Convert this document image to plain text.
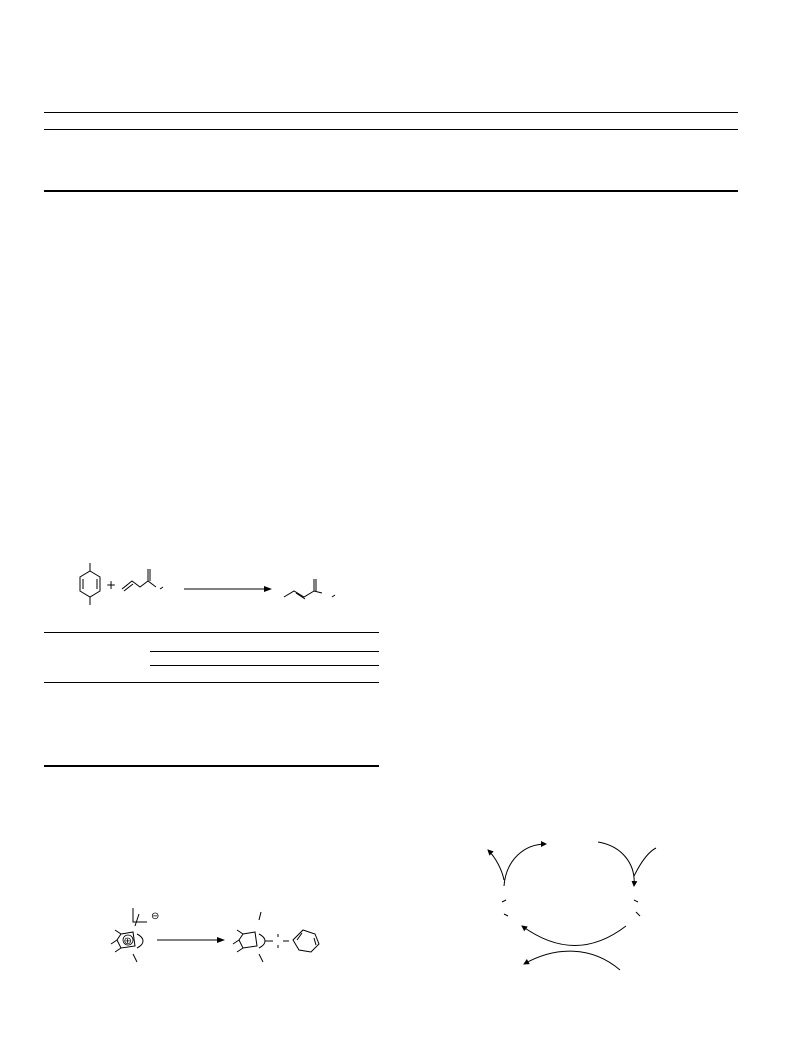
+
⊕
⊖
